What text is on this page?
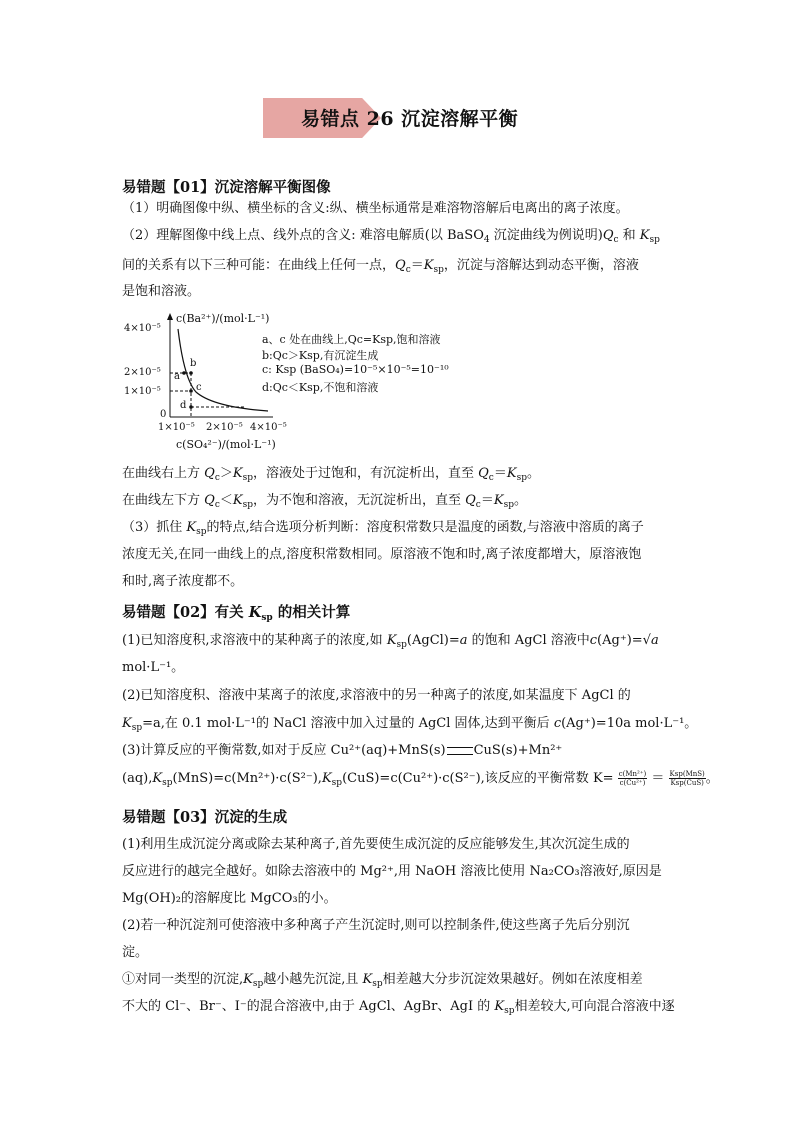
易错点 26 沉淀溶解平衡
易错题【01】沉淀溶解平衡图像
（1）明确图像中纵、横坐标的含义:纵、横坐标通常是难溶物溶解后电离出的离子浓度。
（2）理解图像中线上点、线外点的含义: 难溶电解质(以 BaSO$_4$ 沉淀曲线为例说明)$Q_c$ 和 $K_{sp}$
间的关系有以下三种可能：在曲线上任何一点，$Q_c=K_{sp}$，沉淀与溶解达到动态平衡，溶液
是饱和溶液。
c(Ba²⁺)/(mol·L⁻¹)
4×10⁻⁵
2×10⁻⁵
1×10⁻⁵
0
b
a
c
d
1×10⁻⁵ 2×10⁻⁵ 4×10⁻⁵
c(SO₄²⁻)/(mol·L⁻¹)
a、c 处在曲线上,Qc=Ksp,饱和溶液
b:Qc＞Ksp,有沉淀生成
c: Ksp (BaSO₄)=10⁻⁵×10⁻⁵=10⁻¹⁰
d:Qc＜Ksp,不饱和溶液
在曲线右上方 $Q_c>K_{sp}$，溶液处于过饱和，有沉淀析出，直至 $Q_c=K_{sp}$。
在曲线左下方 $Q_c<K_{sp}$，为不饱和溶液，无沉淀析出，直至 $Q_c=K_{sp}$。
（3）抓住 $K_{sp}$的特点,结合选项分析判断：溶度积常数只是温度的函数,与溶液中溶质的离子
浓度无关,在同一曲线上的点,溶度积常数相同。原溶液不饱和时,离子浓度都增大，原溶液饱
和时,离子浓度都不。
易错题【02】有关 $K_{sp}$ 的相关计算
(1)已知溶度积,求溶液中的某种离子的浓度,如 $K_{sp}(AgCl)=a$ 的饱和 AgCl 溶液中c(Ag⁺)=√a
mol·L⁻¹。
(2)已知溶度积、溶液中某离子的浓度,求溶液中的另一种离子的浓度,如某温度下 AgCl 的
$K_{sp}=a$,在 0.1 mol·L⁻¹的 NaCl 溶液中加入过量的 AgCl 固体,达到平衡后 c(Ag⁺)=10a mol·L⁻¹。
(3)计算反应的平衡常数,如对于反应 Cu²⁺(aq)+MnS(s) CuS(s)+Mn²⁺
$(aq),K_{sp}(MnS)=c(Mn^{2+})\cdot c(S^{2-}),K_{sp}(CuS)=c(Cu^{2+})\cdot c(S^{2-})$,该反应的平衡常数 $K= \frac{\text{c(Mn²⁺)}}{\text{c(Cu²⁺)}} = \frac{\text{Ksp(MnS)}}{\text{Ksp(CuS)}}$ 。
易错题【03】沉淀的生成
(1)利用生成沉淀分离或除去某种离子,首先要使生成沉淀的反应能够发生,其次沉淀生成的
反应进行的越完全越好。如除去溶液中的 Mg²⁺,用 NaOH 溶液比使用 Na₂CO₃溶液好,原因是
Mg(OH)₂的溶解度比 MgCO₃的小。
(2)若一种沉淀剂可使溶液中多种离子产生沉淀时,则可以控制条件,使这些离子先后分别沉
淀。
①对同一类型的沉淀$,K_{sp}$越小越先沉淀,且 $K_{sp}$相差越大分步沉淀效果越好。例如在浓度相差
不大的 Cl⁻、Br⁻、I⁻的混合溶液中,由于 AgCl、AgBr、AgI 的 $K_{sp}$相差较大,可向混合溶液中逐
